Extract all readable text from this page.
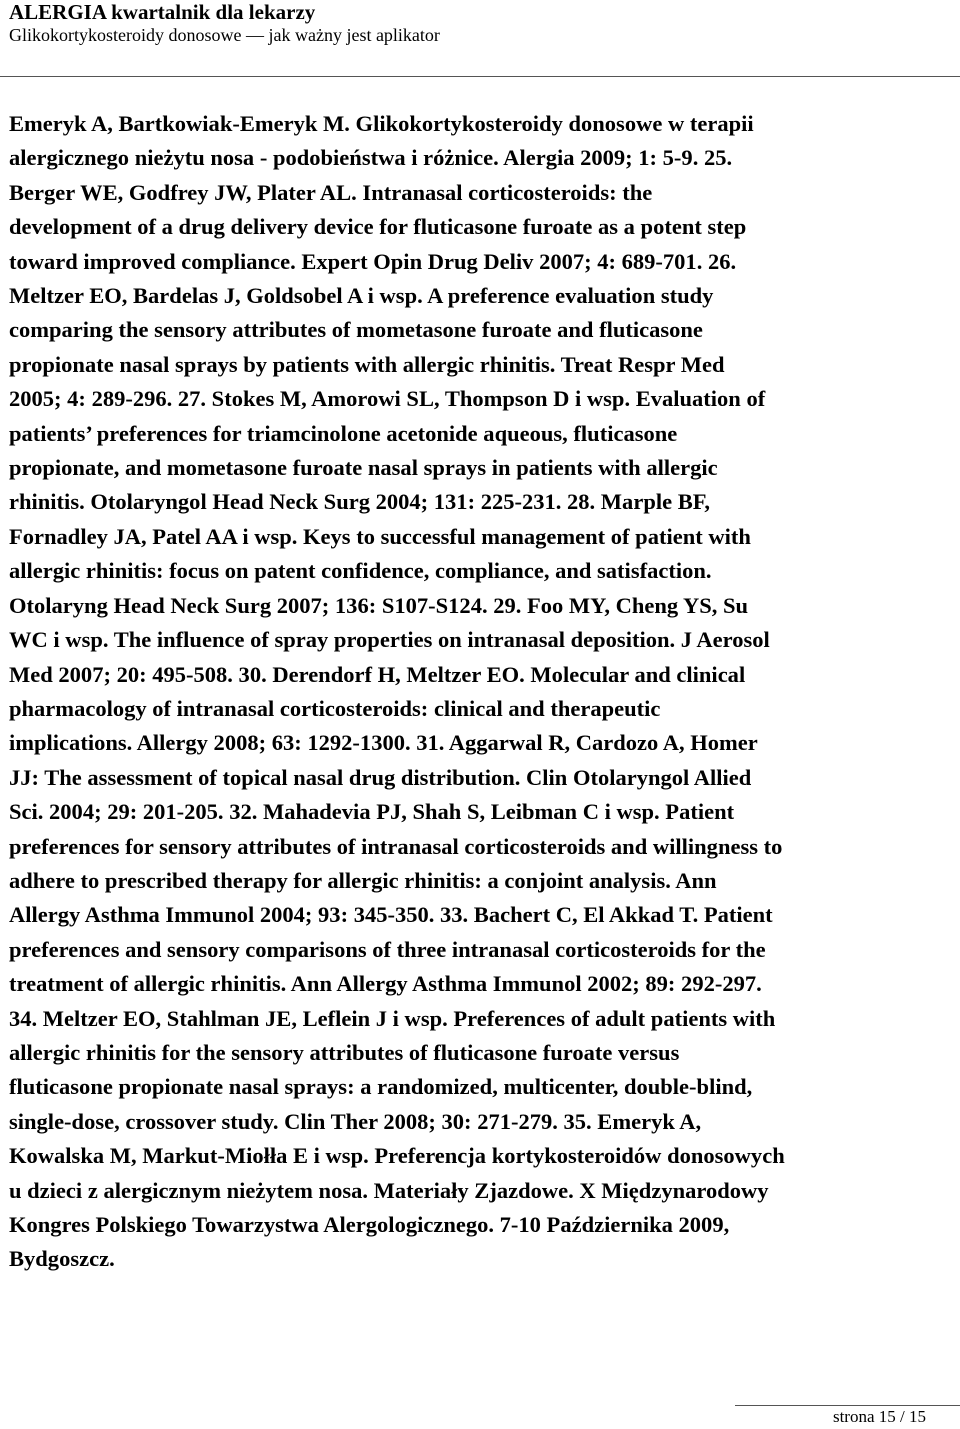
ALERGIA kwartalnik dla lekarzy
Glikokortykosteroidy donosowe — jak ważny jest aplikator
Emeryk A, Bartkowiak-Emeryk M. Glikokortykosteroidy donosowe w terapii
alergicznego nieżytu nosa - podobieństwa i różnice. Alergia 2009; 1: 5-9. 25.
Berger WE, Godfrey JW, Plater AL. Intranasal corticosteroids: the
development of a drug delivery device for fluticasone furoate as a potent step
toward improved compliance. Expert Opin Drug Deliv 2007; 4: 689-701. 26.
Meltzer EO, Bardelas J, Goldsobel A i wsp. A preference evaluation study
comparing the sensory attributes of mometasone furoate and fluticasone
propionate nasal sprays by patients with allergic rhinitis. Treat Respr Med
2005; 4: 289-296. 27. Stokes M, Amorowi SL, Thompson D i wsp. Evaluation of
patients’ preferences for triamcinolone acetonide aqueous, fluticasone
propionate, and mometasone furoate nasal sprays in patients with allergic
rhinitis. Otolaryngol Head Neck Surg 2004; 131: 225-231. 28. Marple BF,
Fornadley JA, Patel AA i wsp. Keys to successful management of patient with
allergic rhinitis: focus on patent confidence, compliance, and satisfaction.
Otolaryng Head Neck Surg 2007; 136: S107-S124. 29. Foo MY, Cheng YS, Su
WC i wsp. The influence of spray properties on intranasal deposition. J Aerosol
Med 2007; 20: 495-508. 30. Derendorf H, Meltzer EO. Molecular and clinical
pharmacology of intranasal corticosteroids: clinical and therapeutic
implications. Allergy 2008; 63: 1292-1300. 31. Aggarwal R, Cardozo A, Homer
JJ: The assessment of topical nasal drug distribution. Clin Otolaryngol Allied
Sci. 2004; 29: 201-205. 32. Mahadevia PJ, Shah S, Leibman C i wsp. Patient
preferences for sensory attributes of intranasal corticosteroids and willingness to
adhere to prescribed therapy for allergic rhinitis: a conjoint analysis. Ann
Allergy Asthma Immunol 2004; 93: 345-350. 33. Bachert C, El Akkad T. Patient
preferences and sensory comparisons of three intranasal corticosteroids for the
treatment of allergic rhinitis. Ann Allergy Asthma Immunol 2002; 89: 292-297.
34. Meltzer EO, Stahlman JE, Leflein J i wsp. Preferences of adult patients with
allergic rhinitis for the sensory attributes of fluticasone furoate versus
fluticasone propionate nasal sprays: a randomized, multicenter, double-blind,
single-dose, crossover study. Clin Ther 2008; 30: 271-279. 35. Emeryk A,
Kowalska M, Markut-Miołła E i wsp. Preferencja kortykosteroidów donosowych
u dzieci z alergicznym nieżytem nosa. Materiały Zjazdowe. X Międzynarodowy
Kongres Polskiego Towarzystwa Alergologicznego. 7-10 Października 2009,
Bydgoszcz.
strona 15 / 15
